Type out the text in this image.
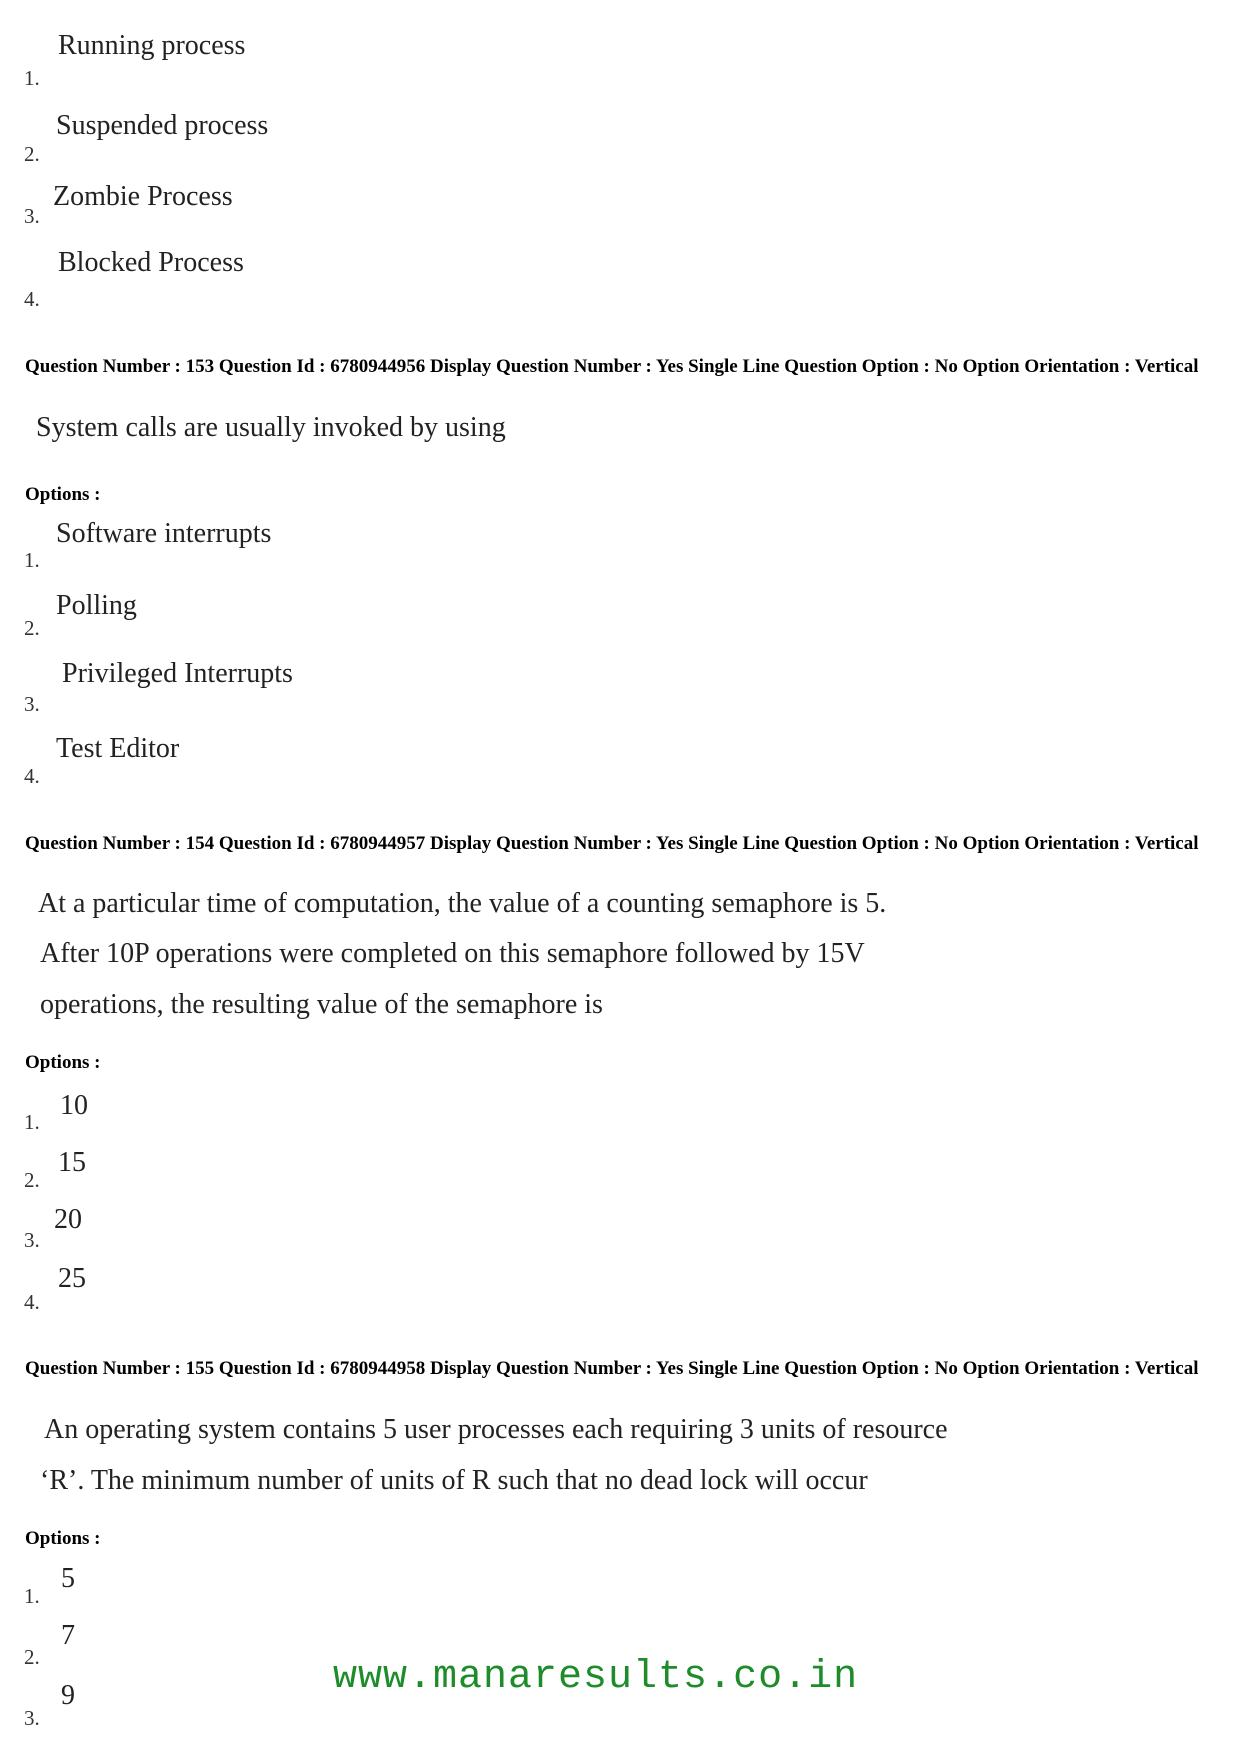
Running process
1.
Suspended process
2.
Zombie Process
3.
Blocked Process
4.
Question Number : 153 Question Id : 6780944956 Display Question Number : Yes Single Line Question Option : No Option Orientation : Vertical
System calls are usually invoked by using
Options :
Software interrupts
1.
Polling
2.
Privileged Interrupts
3.
Test Editor
4.
Question Number : 154 Question Id : 6780944957 Display Question Number : Yes Single Line Question Option : No Option Orientation : Vertical
At a particular time of computation, the value of a counting semaphore is 5.
After 10P operations were completed on this semaphore followed by 15V
operations, the resulting value of the semaphore is
Options :
10
1.
15
2.
20
3.
25
4.
Question Number : 155 Question Id : 6780944958 Display Question Number : Yes Single Line Question Option : No Option Orientation : Vertical
An operating system contains 5 user processes each requiring 3 units of resource
‘R’. The minimum number of units of R such that no dead lock will occur
Options :
5
1.
7
2.
9
3.
www.manaresults.co.in
